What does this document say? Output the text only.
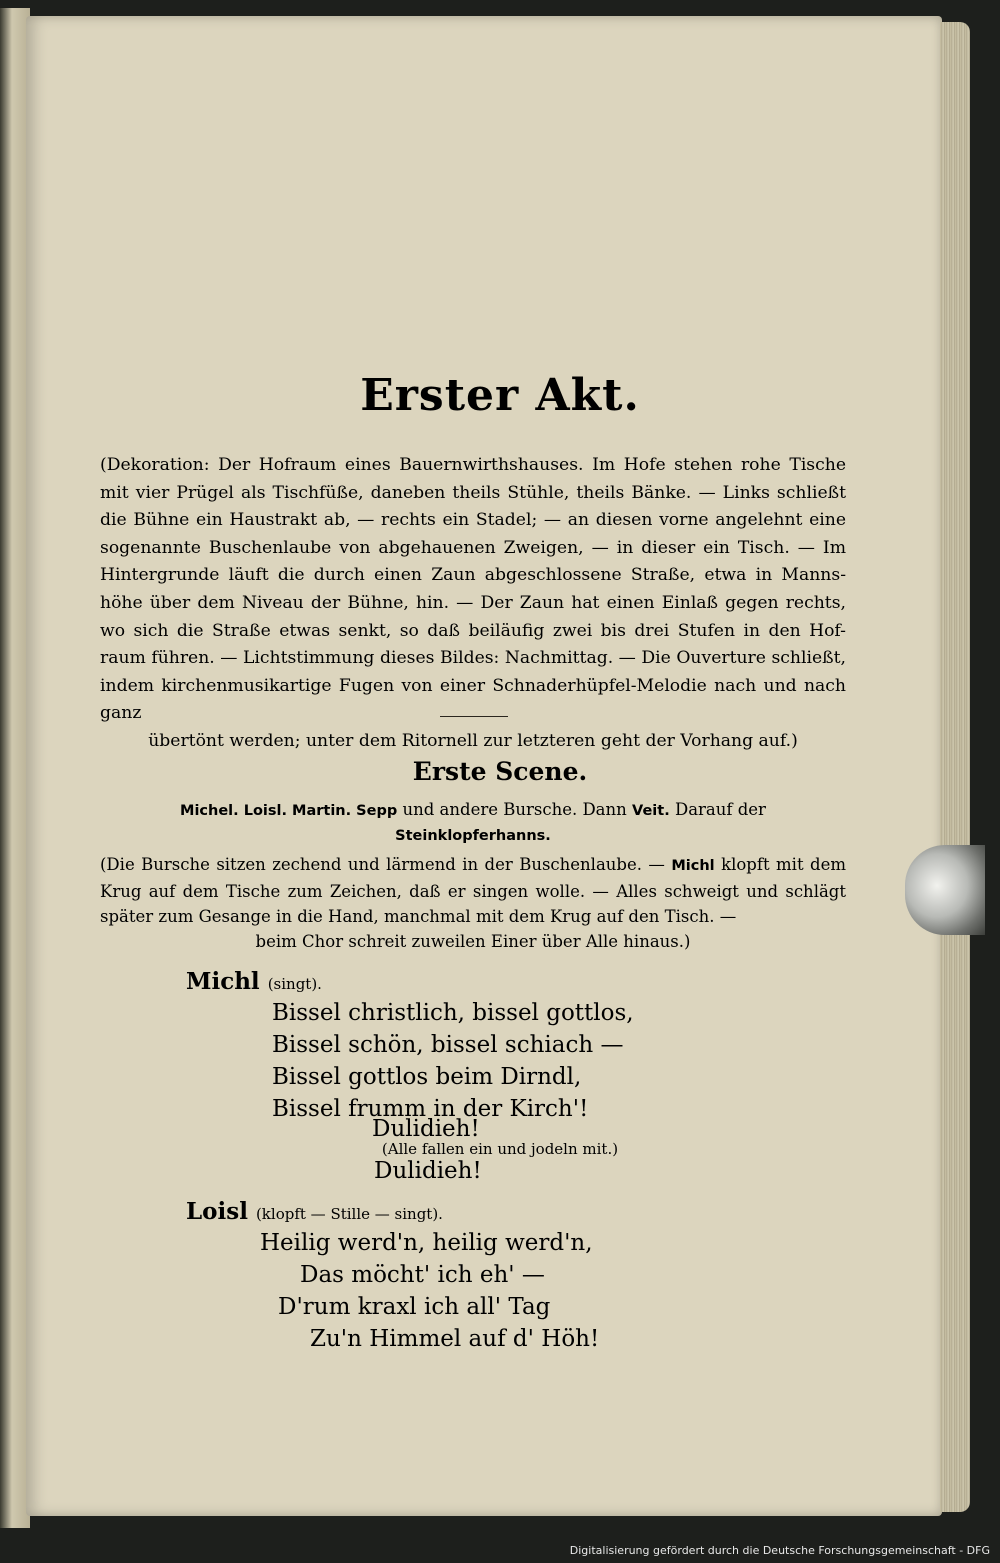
Erster Akt.
(Dekoration: Der Hofraum eines Bauernwirthshauses. Im Hofe stehen rohe Tische mit vier Prügel als Tischfüße, daneben theils Stühle, theils Bänke. — Links schließt die Bühne ein Haustrakt ab, — rechts ein Stadel; — an diesen vorne angelehnt eine sogenannte Buschenlaube von abgehauenen Zweigen, — in dieser ein Tisch. — Im Hintergrunde läuft die durch einen Zaun abgeschlossene Straße, etwa in Manns-höhe über dem Niveau der Bühne, hin. — Der Zaun hat einen Einlaß gegen rechts, wo sich die Straße etwas senkt, so daß beiläufig zwei bis drei Stufen in den Hof-raum führen. — Lichtstimmung dieses Bildes: Nachmittag. — Die Ouverture schließt, indem kirchenmusikartige Fugen von einer Schnaderhüpfel-Melodie nach und nach ganz
übertönt werden; unter dem Ritornell zur letzteren geht der Vorhang auf.)
Erste Scene.
Michel. Loisl. Martin. Sepp und andere Bursche. Dann Veit. Darauf der
Steinklopferhanns.
(Die Bursche sitzen zechend und lärmend in der Buschenlaube. — Michl klopft mit dem Krug auf dem Tische zum Zeichen, daß er singen wolle. — Alles schweigt und schlägt später zum Gesange in die Hand, manchmal mit dem Krug auf den Tisch. —
beim Chor schreit zuweilen Einer über Alle hinaus.)
Michl (singt).
Bissel christlich, bissel gottlos,
Bissel schön, bissel schiach —
Bissel gottlos beim Dirndl,
Bissel frumm in der Kirch'!
Dulidieh!
(Alle fallen ein und jodeln mit.)
Dulidieh!
Loisl (klopft — Stille — singt).
Heilig werd'n, heilig werd'n,
Das möcht' ich eh' —
D'rum kraxl ich all' Tag
Zu'n Himmel auf d' Höh!
Digitalisierung gefördert durch die Deutsche Forschungsgemeinschaft - DFG
